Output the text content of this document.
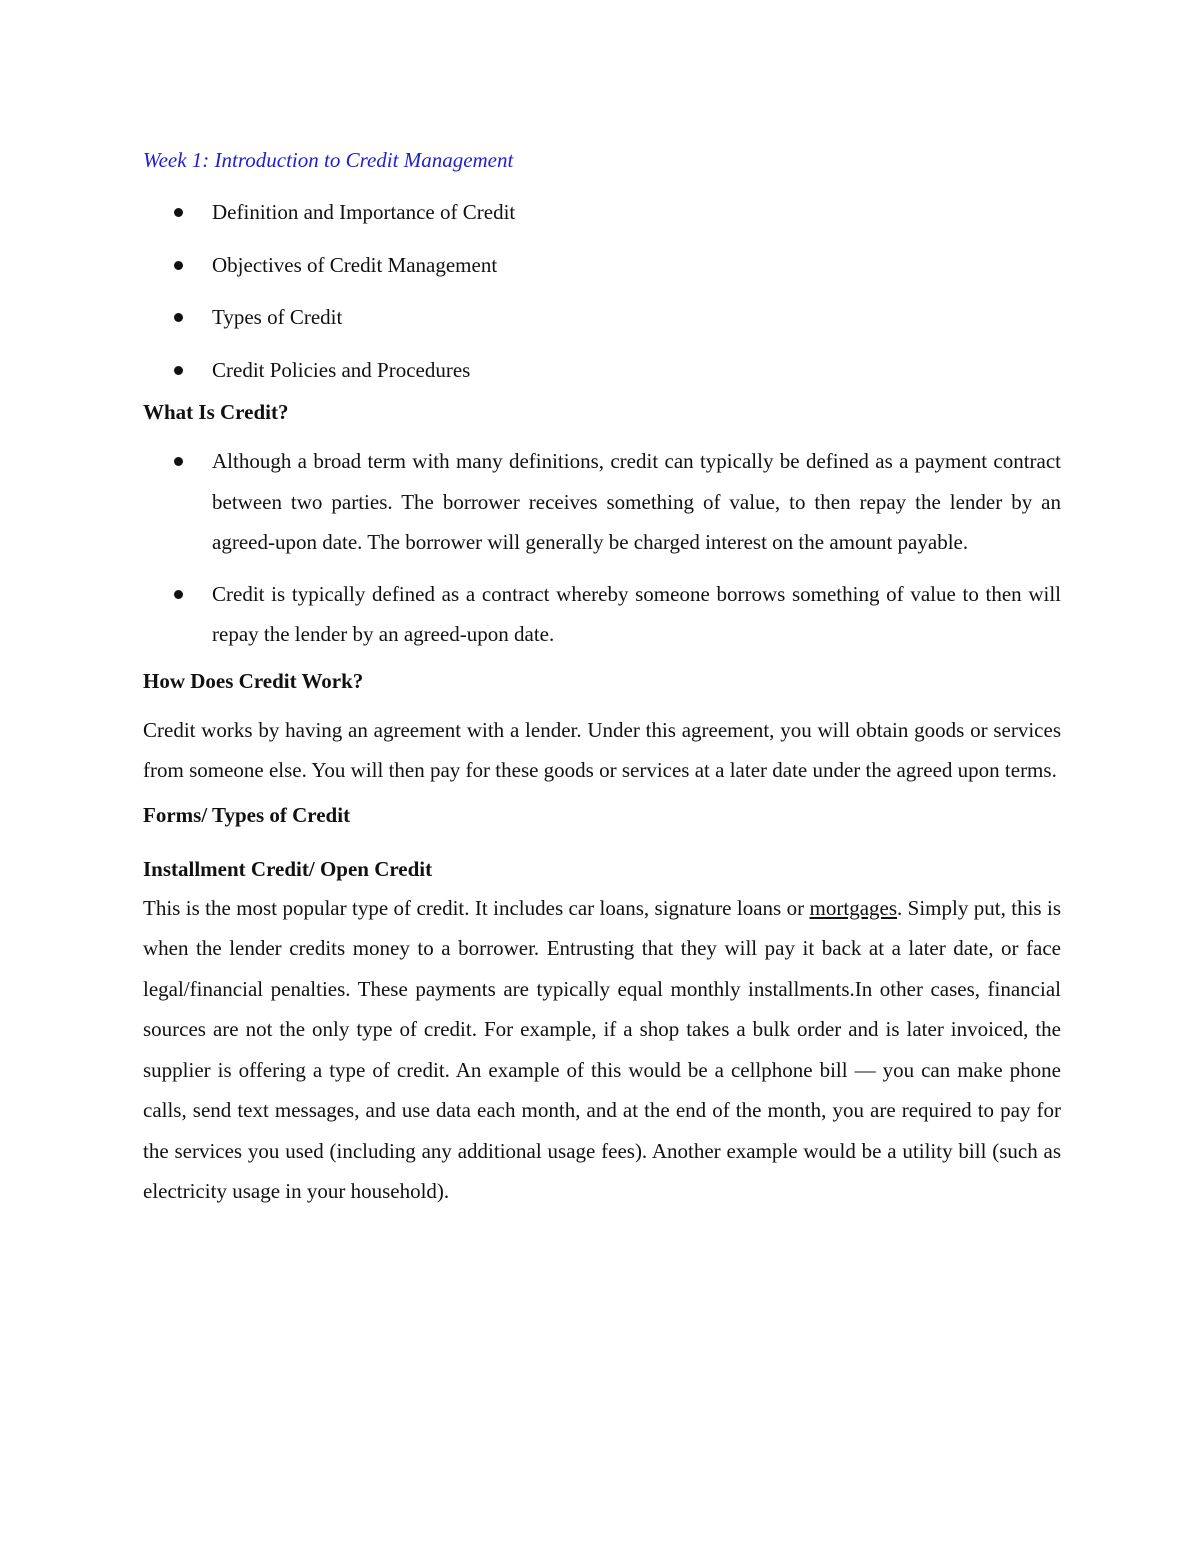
Week 1: Introduction to Credit Management

Definition and Importance of Credit
Objectives of Credit Management
Types of Credit
Credit Policies and Procedures

What Is Credit?

Although a broad term with many definitions, credit can typically be defined as a payment contract between two parties. The borrower receives something of value, to then repay the lender by an agreed-upon date. The borrower will generally be charged interest on the amount payable.
Credit is typically defined as a contract whereby someone borrows something of value to then will repay the lender by an agreed-upon date.

How Does Credit Work?

Credit works by having an agreement with a lender. Under this agreement, you will obtain goods or services from someone else. You will then pay for these goods or services at a later date under the agreed upon terms.

Forms/ Types of Credit

Installment Credit/ Open Credit

This is the most popular type of credit. It includes car loans, signature loans or mortgages. Simply put, this is when the lender credits money to a borrower. Entrusting that they will pay it back at a later date, or face legal/financial penalties. These payments are typically equal monthly installments.In other cases, financial sources are not the only type of credit. For example, if a shop takes a bulk order and is later invoiced, the supplier is offering a type of credit. An example of this would be a cellphone bill — you can make phone calls, send text messages, and use data each month, and at the end of the month, you are required to pay for the services you used (including any additional usage fees). Another example would be a utility bill (such as electricity usage in your household).
